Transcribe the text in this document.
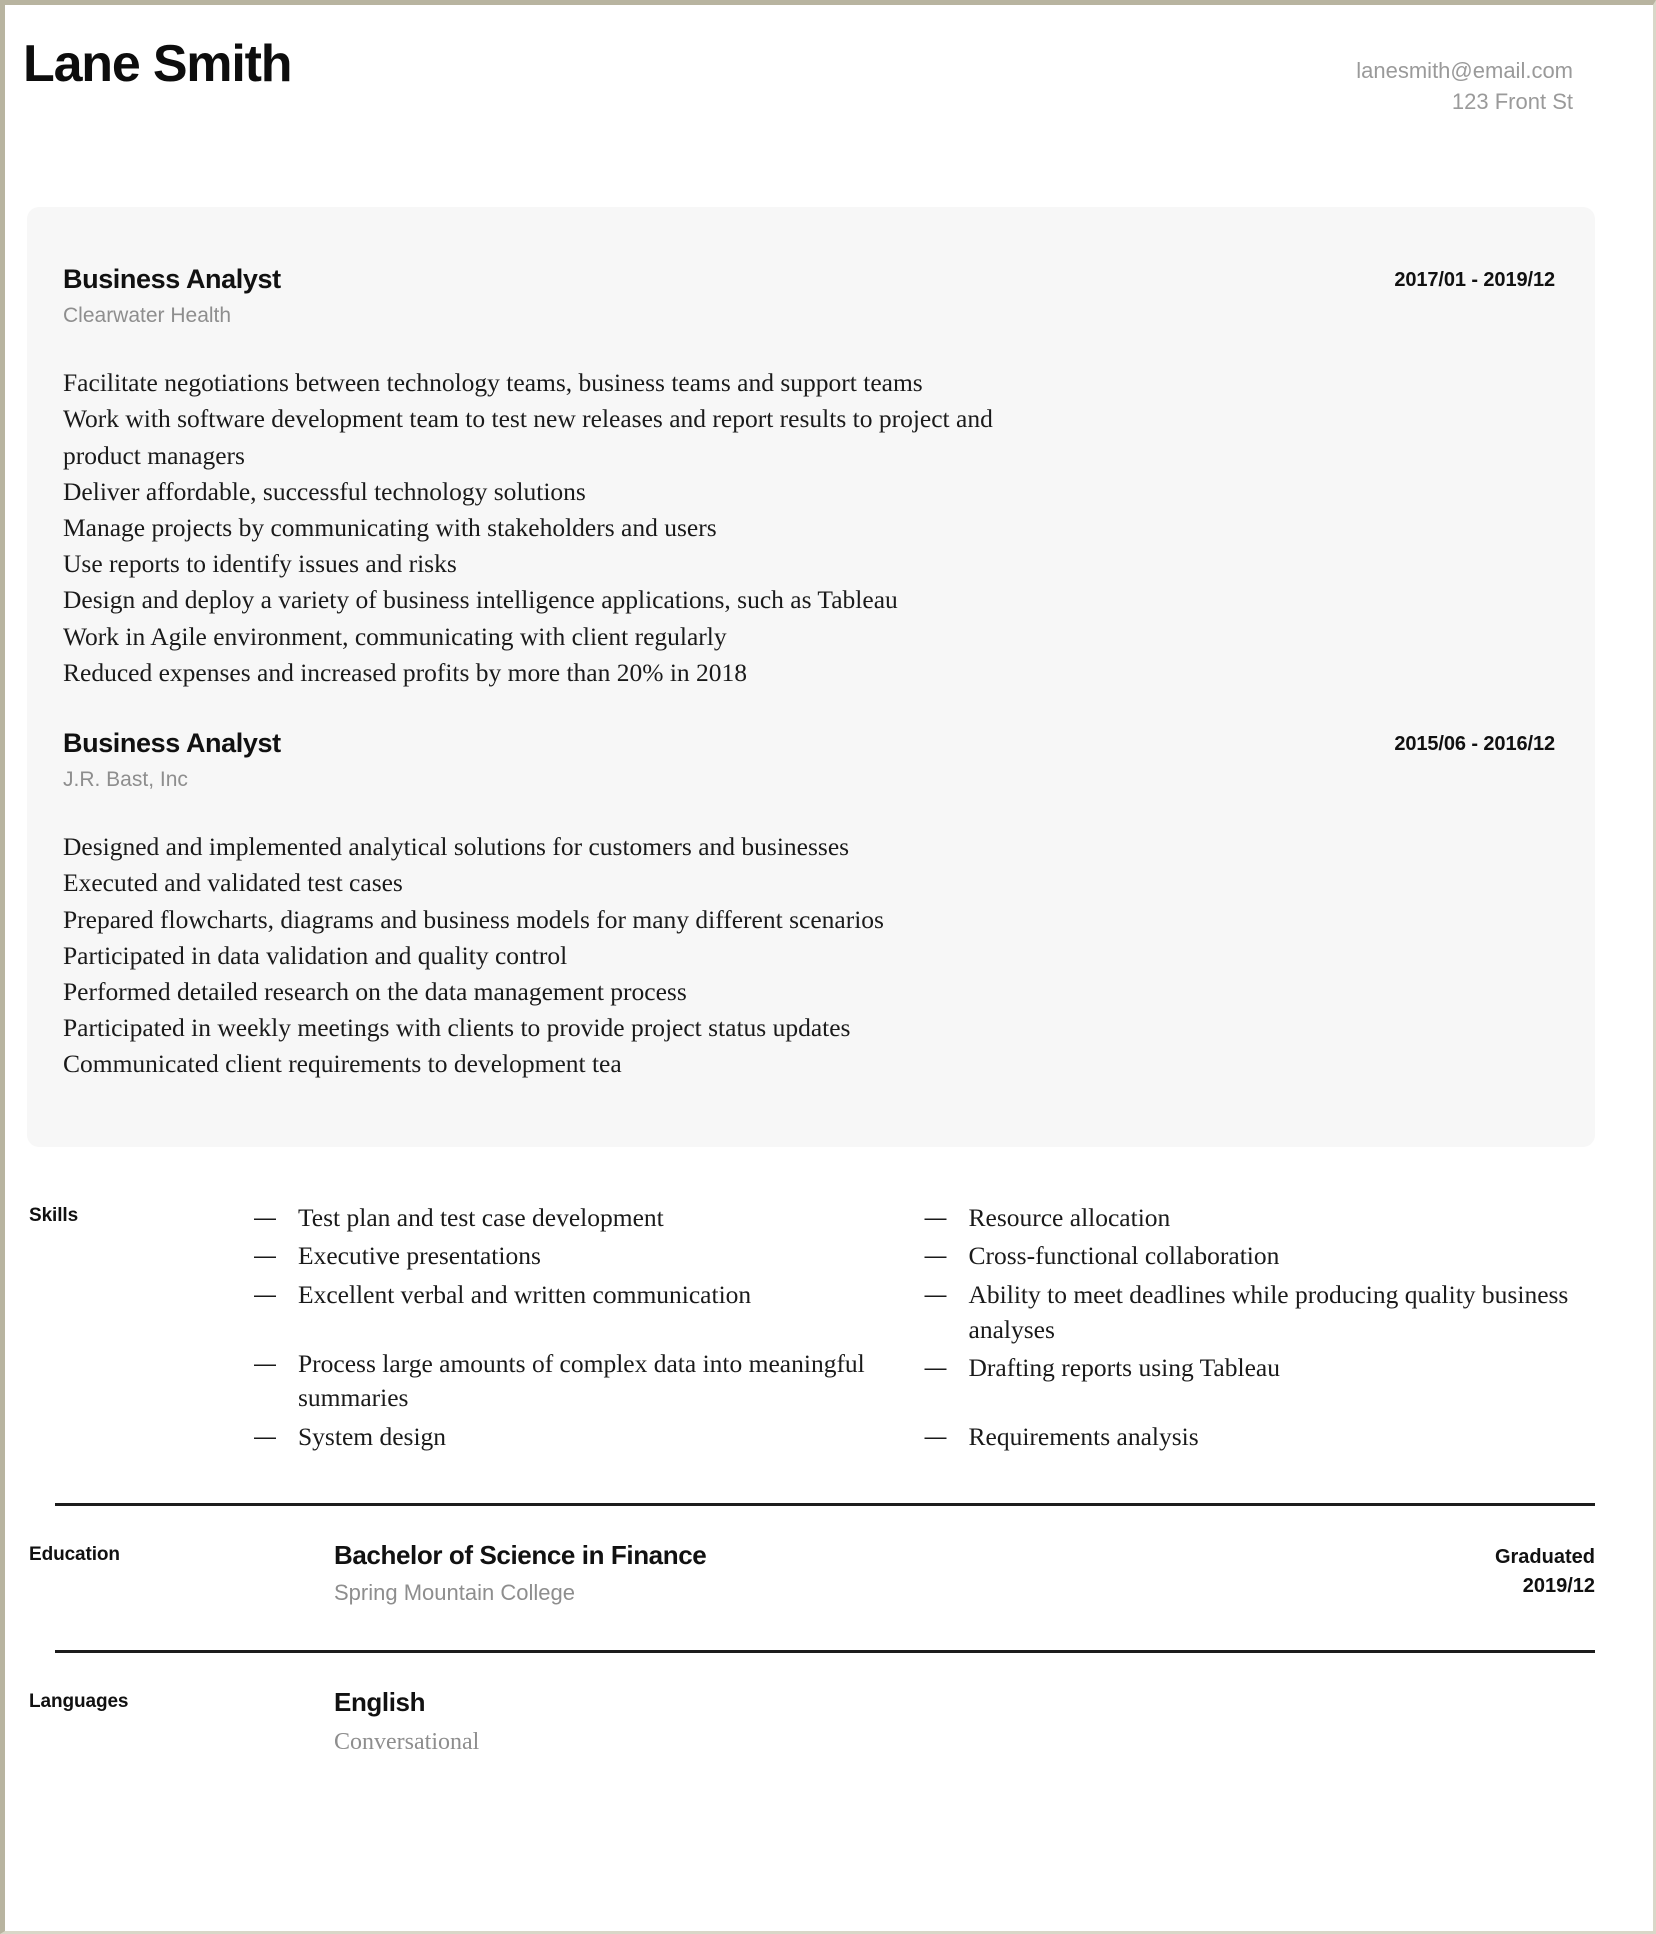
Lane Smith	lanesmith@email.com
123 Front St
Business Analyst
Clearwater Health
2017/01 - 2019/12
Facilitate negotiations between technology teams, business teams and support teams
Work with software development team to test new releases and report results to project and product managers
Deliver affordable, successful technology solutions
Manage projects by communicating with stakeholders and users
Use reports to identify issues and risks
Design and deploy a variety of business intelligence applications, such as Tableau
Work in Agile environment, communicating with client regularly
Reduced expenses and increased profits by more than 20% in 2018
Business Analyst
J.R. Bast, Inc
2015/06 - 2016/12
Designed and implemented analytical solutions for customers and businesses
Executed and validated test cases
Prepared flowcharts, diagrams and business models for many different scenarios
Participated in data validation and quality control
Performed detailed research on the data management process
Participated in weekly meetings with clients to provide project status updates
Communicated client requirements to development tea
Skills	— Test plan and test case development
— Executive presentations
— Excellent verbal and written communication
— Process large amounts of complex data into meaningful summaries
— System design
— Resource allocation
— Cross-functional collaboration
— Ability to meet deadlines while producing quality business analyses
— Drafting reports using Tableau
— Requirements analysis
Education	Bachelor of Science in Finance
Spring Mountain College
Graduated
2019/12
Languages	English
Conversational
